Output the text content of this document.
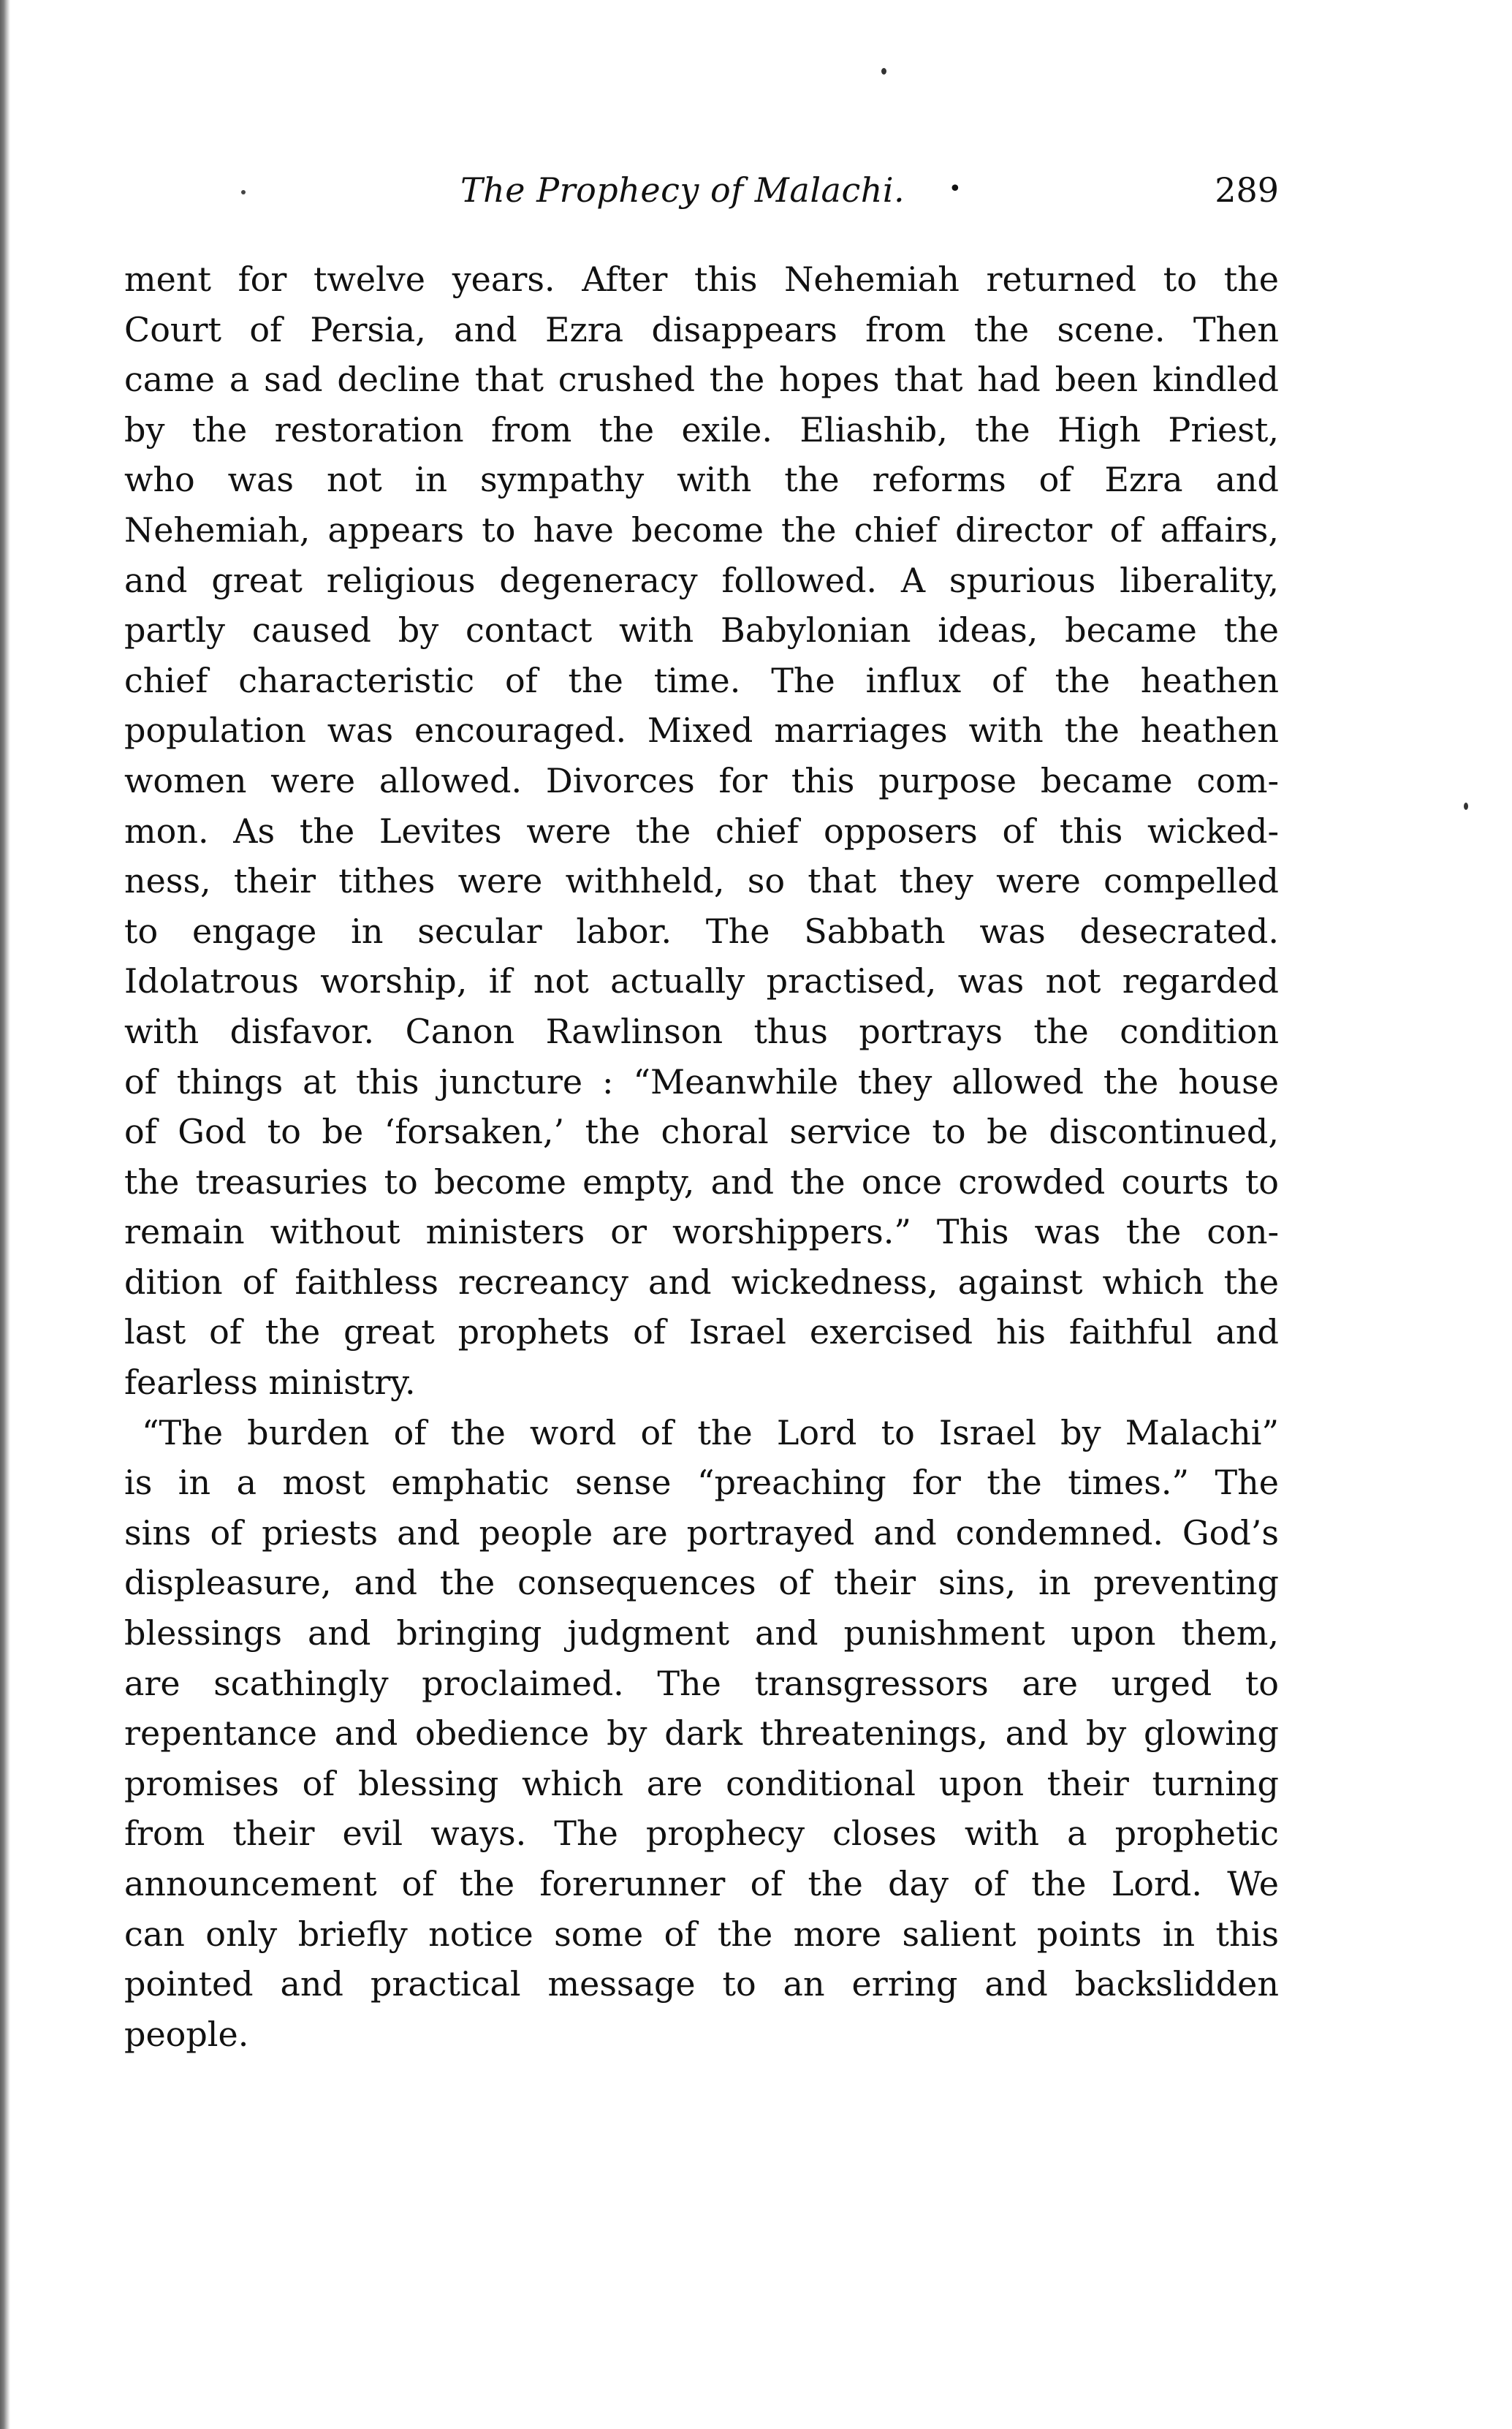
The Prophecy of Malachi. •	289
ment for twelve years. After this Nehemiah returned to the
Court of Persia, and Ezra disappears from the scene. Then
came a sad decline that crushed the hopes that had been kindled
by the restoration from the exile. Eliashib, the High Priest,
who was not in sympathy with the reforms of Ezra and
Nehemiah, appears to have become the chief director of affairs,
and great religious degeneracy followed. A spurious liberality,
partly caused by contact with Babylonian ideas, became the
chief characteristic of the time. The influx of the heathen
population was encouraged. Mixed marriages with the heathen
women were allowed. Divorces for this purpose became com-
mon. As the Levites were the chief opposers of this wicked-
ness, their tithes were withheld, so that they were compelled
to engage in secular labor. The Sabbath was desecrated.
Idolatrous worship, if not actually practised, was not regarded
with disfavor. Canon Rawlinson thus portrays the condition
of things at this juncture : “Meanwhile they allowed the house
of God to be ‘forsaken,’ the choral service to be discontinued,
the treasuries to become empty, and the once crowded courts to
remain without ministers or worshippers.” This was the con-
dition of faithless recreancy and wickedness, against which the
last of the great prophets of Israel exercised his faithful and
fearless ministry.
“The burden of the word of the Lord to Israel by Malachi”
is in a most emphatic sense “preaching for the times.” The
sins of priests and people are portrayed and condemned. God’s
displeasure, and the consequences of their sins, in preventing
blessings and bringing judgment and punishment upon them,
are scathingly proclaimed. The transgressors are urged to
repentance and obedience by dark threatenings, and by glowing
promises of blessing which are conditional upon their turning
from their evil ways. The prophecy closes with a prophetic
announcement of the forerunner of the day of the Lord. We
can only briefly notice some of the more salient points in this
pointed and practical message to an erring and backslidden
people.
